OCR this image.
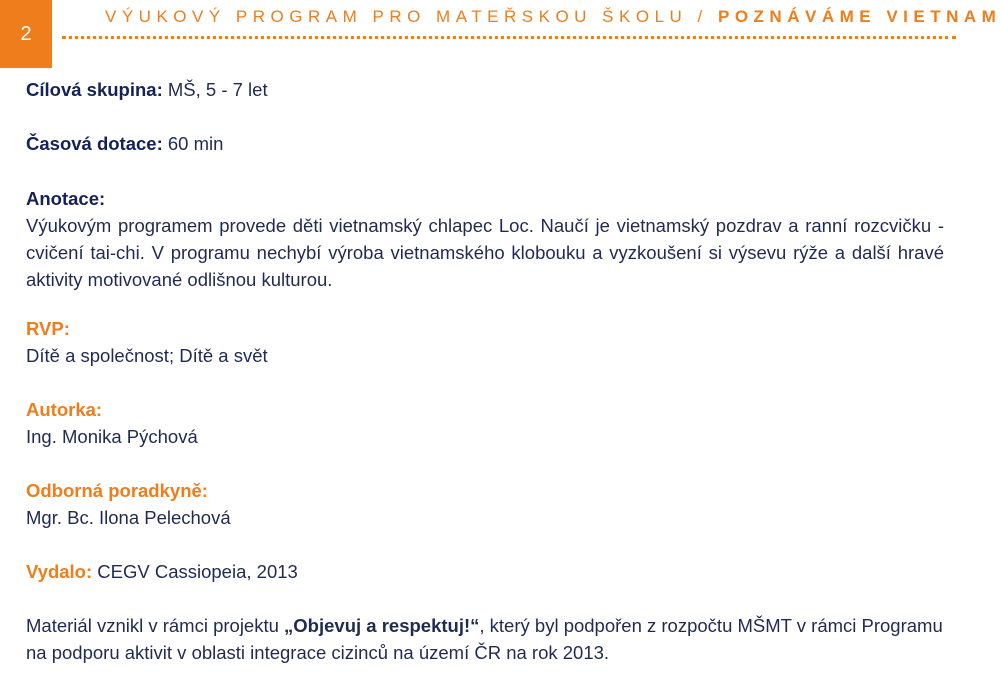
2
VÝUKOVÝ PROGRAM PRO MATEŘSKOU ŠKOLU / POZNÁVÁME VIETNAM

Cílová skupina: MŠ, 5 - 7 let

Časová dotace: 60 min

Anotace:
Výukovým programem provede děti vietnamský chlapec Loc. Naučí je vietnamský pozdrav a ranní rozcvičku - cvičení tai-chi. V programu nechybí výroba vietnamského klobouku a vyzkoušení si výsevu rýže a další hravé aktivity motivované odlišnou kulturou.
RVP:
Dítě a společnost; Dítě a svět
Autorka:
Ing. Monika Pýchová
Odborná poradkyně:
Mgr. Bc. Ilona Pelechová

Vydalo: CEGV Cassiopeia, 2013

Materiál vznikl v rámci projektu „Objevuj a respektuj!“, který byl podpořen z rozpočtu MŠMT v rámci Programu na podporu aktivit v oblasti integrace cizinců na území ČR na rok 2013.
